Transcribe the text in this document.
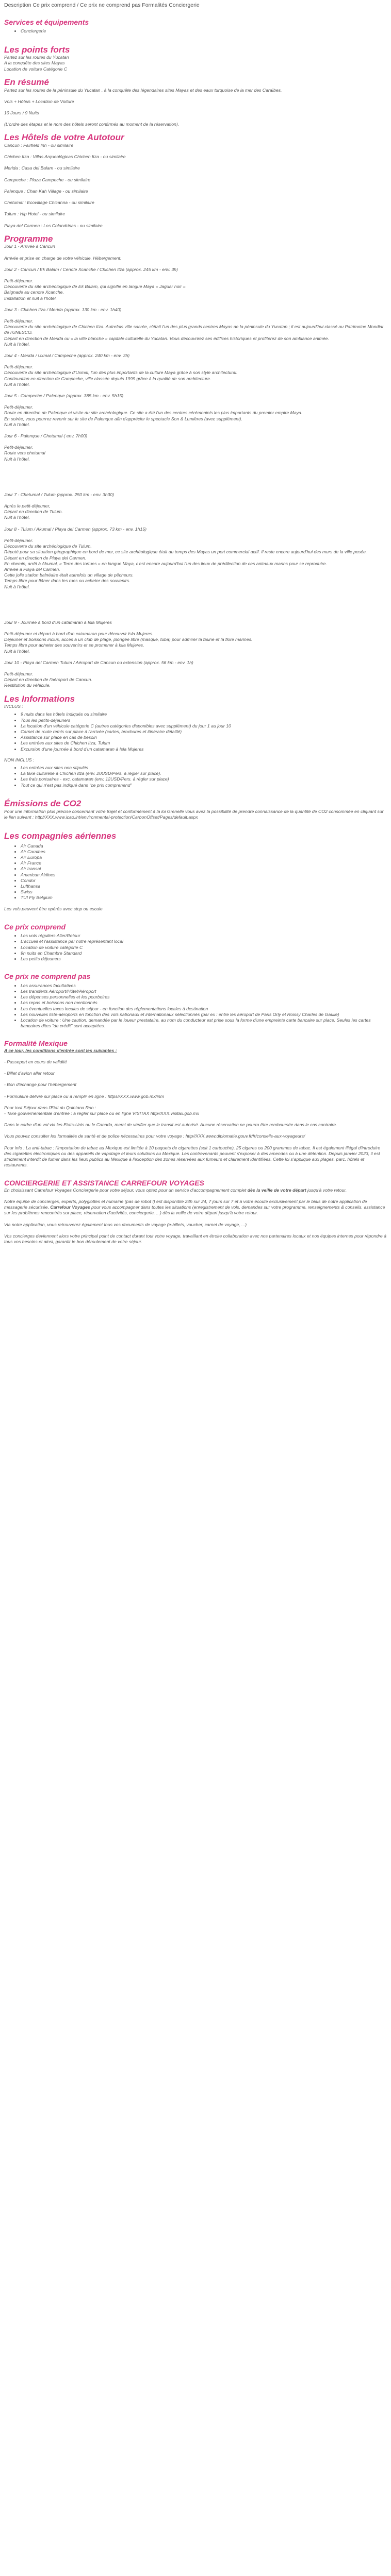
Description Ce prix comprend / Ce prix ne comprend pas Formalités Conciergerie

Services et équipements
• Conciergerie
Les points forts

Partez sur les routes du Yucatan

A la conquête des sites Mayas

Location de voiture Catégorie C

En résumé

Partez sur les routes de la péninsule du Yucatan , à la conquête des légendaires sites Mayas et des eaux turquoise de la mer des Caraïbes.

Vols + Hôtels + Location de Voiture

10 Jours / 9 Nuits

(L'ordre des étapes et le nom des hôtels seront confirmés au moment de la réservation).

Les Hôtels de votre Autotour

Cancun : Fairfield Inn - ou similaire

Chichen Itza : Villas Arqueológicas Chichen Itza - ou similaire

Merida : Casa del Balam - ou similaire

Campeche : Plaza Campeche - ou similaire

Palenque : Chan Kah Village - ou similaire

Chetumal : Ecovillage Chicanna - ou similaire

Tulum : Hip Hotel - ou similaire

Playa del Carmen : Los Colondrinas - ou similaire

Programme

Jour 1 - Arrivée à Cancun

Arrivée et prise en charge de votre véhicule. Hébergement.

Jour 2 - Cancun / Ek Balam / Cenote Xcanche / Chichen Itza (approx. 245 km - env. 3h)

Petit-déjeuner.

Découverte du site archéologique de Ek Balam, qui signifie en langue Maya « Jaguar noir ».

Baignade au cenote Xcanche.

Installation et nuit à l'hôtel.

Jour 3 - Chichen Itza / Merida (approx. 130 km - env. 1h40)

Petit-déjeuner.

Découverte du site archéologique de Chichen Itza. Autrefois ville sacrée, c'était l'un des plus grands centres Mayas de la péninsule du Yucatan ; il est aujourd'hui classé au Patrimoine Mondial de l'UNESCO.

Départ en direction de Merida ou « la ville blanche » capitale culturelle du Yucatan. Vous découvrirez ses édifices historiques et profiterez de son ambiance animée.

Nuit à l'hôtel.

Jour 4 - Merida / Uxmal / Campeche (approx. 240 km - env. 3h)

Petit-déjeuner.

Découverte du site archéologique d'Uxmal, l'un des plus importants de la culture Maya grâce à son style architectural.

Continuation en direction de Campeche, ville classée depuis 1999 grâce à la qualité de son architecture.

Nuit à l'hôtel.

Jour 5 - Campeche / Palenque (approx. 385 km - env. 5h15)

Petit-déjeuner.

Route en direction de Palenque et visite du site archéologique. Ce site a été l'un des centres cérémoniels les plus importants du premier empire Maya.

En soirée, vous pourrez revenir sur le site de Palenque afin d'apprécier le spectacle Son & Lumières (avec supplément).

Nuit à l'hôtel.

Jour 6 - Palenque / Chetumal ( env. 7h00)

Petit-déjeuner.

Route vers chetumal

Nuit à l'hôtel.

Jour 7 - Chetumal / Tulum (approx. 250 km - env. 3h30)

Après le petit-déjeuner,

Départ en direction de Tulum.

Nuit à l'hôtel.

Jour 8 - Tulum / Akumal / Playa del Carmen (approx. 73 km - env. 1h15)

Petit-déjeuner.

Découverte du site archéologique de Tulum.

Réputé pour sa situation géographique en bord de mer, ce site archéologique était au temps des Mayas un port commercial actif. Il reste encore aujourd'hui des murs de la ville posée.

Départ en direction de Playa del Carmen.

En chemin, arrêt à Akumal, « Terre des tortues » en langue Maya, c'est encore aujourd'hui l'un des lieux de prédilection de ces animaux marins pour se reproduire.

Arrivée à Playa del Carmen.

Cette jolie station balnéaire était autrefois un village de pêcheurs.

Temps libre pour flâner dans les rues ou acheter des souvenirs.

Nuit à l'hôtel.

Jour 9 - Journée à bord d'un catamaran à Isla Mujeres

Petit-déjeuner et départ à bord d'un catamaran pour découvrir Isla Mujeres.

Déjeuner et boissons inclus, accès à un club de plage, plongée libre (masque, tuba) pour admirer la faune et la flore marines.

Temps libre pour acheter des souvenirs et se promener à Isla Mujeres.

Nuit à l'hôtel.

Jour 10 - Playa del Carmen Tulum / Aéroport de Cancun ou extension (approx. 56 km - env. 1h)

Petit-déjeuner.

Départ en direction de l'aéroport de Cancun.

Restitution du véhicule.

Les Informations

INCLUS :

• 9 nuits dans les hôtels indiqués ou similaire
• Tous les petits-déjeuners
• La location d'un véhicule catégorie C (autres catégories disponibles avec supplément) du jour 1 au jour 10
• Carnet de route remis sur place à l'arrivée (cartes, brochures et itinéraire détaillé)
• Assistance sur place en cas de besoin
• Les entrées aux sites de Chichen Itza, Tulum
• Excursion d'une journée à bord d'un catamaran à Isla Mujeres

NON INCLUS :

• Les entrées aux sites non stipulés
• La taxe culturelle à Chichen Itza (env. 20USD/Pers. à régler sur place).
• Les frais portuaires - exc. catamaran (env. 12USD/Pers. à régler sur place)
• Tout ce qui n'est pas indiqué dans "ce prix comprenend"
Émissions de CO2

Pour une information plus précise concernant votre trajet et conformément à la loi Grenelle vous avez la possibilité de prendre connaissance de la quantité de CO2 consommée en cliquant sur le lien suivant : http//XXX.www.icao.int/environmental-protection/CarbonOffset/Pages/default.aspx

Les compagnies aériennes
• Air Canada
• Air Caraibes
• Air Europa
• Air France
• Air transat
• American Airlines
• Condor
• Lufthansa
• Swiss
• TUI Fly Belgium

Les vols peuvent être opérés avec stop ou escale

Ce prix comprend
• Les vols réguliers Aller/Retour
• L'accueil et l'assistance par notre représentant local
• Location de voiture catégorie C
• 9n nuits en Chambre Standard
• Les petits déjeuners
Ce prix ne comprend pas
• Les assurances facultatives
• Les transferts Aéroport/Hôtel/Aéroport
• Les dépenses personnelles et les pourboires
• Les repas et boissons non mentionnés
• Les éventuelles taxes locales de séjour - en fonction des réglementations locales à destination
• Les nouvelles liste-aéroports en fonction des vols nationaux et internationaux sélectionnés (par ex : entre les aéroport de Paris Orly et Roissy Charles de Gaulle)
• Location de voiture : Une caution, demandée par le loueur prestataire, au nom du conducteur est prise sous la forme d'une empreinte carte bancaire sur place. Seules les cartes bancaires dites "de crédit" sont acceptées.
Formalité Mexique

A ce jour, les conditions d'entrée sont les suivantes :

- Passeport en cours de validité

- Billet d'avion aller retour

- Bon d'échange pour l'hébergement

- Formulaire délivré sur place ou à remplir en ligne : https//XXX.www.gob.mx/inm

Pour tout Séjour dans l'Etat du Quintana Roo :

- Taxe gouvernementale d'entrée : à régler sur place ou en ligne VISITAX http//XXX.visitax.gob.mx

Dans le cadre d'un vol via les Etats-Unis ou le Canada, merci de vérifier que le transit est autorisé. Aucune réservation ne pourra être remboursée dans le cas contraire.

Vous pouvez consulter les formalités de santé et de police nécessaires pour votre voyage : http//XXX.www.diplomatie.gouv.fr/fr/conseils-aux-voyageurs/

Pour info : La anti-tabac : l'importation de tabac au Mexique est limitée à 10 paquets de cigarettes (soit 1 cartouche), 25 cigares ou 200 grammes de tabac. Il est également illégal d'introduire des cigarettes électroniques ou des appareils de vapotage et leurs solutions au Mexique. Les contrevenants peuvent s'exposer à des amendes ou à une détention. Depuis janvier 2023, il est strictement interdit de fumer dans les lieux publics au Mexique à l'exception des zones réservées aux fumeurs et clairement identifiées. Cette loi s'applique aux plages, parc, hôtels et restaurants.

CONCIERGERIE ET ASSISTANCE CARREFOUR VOYAGES

En choisissant Carrefour Voyages Conciergerie pour votre séjour, vous optez pour un service d'accompagnement complet dès la veille de votre départ jusqu'à votre retour.

Notre équipe de concierges, experts, polyglottes et humaine (pas de robot !) est disponible 24h sur 24, 7 jours sur 7 et à votre écoute exclusivement par le biais de notre application de messagerie sécurisée, Carrefour Voyages pour vous accompagner dans toutes les situations (enregistrement de vols, demandes sur votre programme, renseignements & conseils, assistance sur les problèmes rencontrés sur place, réservation d'activités, conciergerie, ...) dès la veille de votre départ jusqu'à votre retour.

Via notre application, vous retrouverez également tous vos documents de voyage (e-billets, voucher, carnet de voyage, ...)

Vos concierges deviennent alors votre principal point de contact durant tout votre voyage, travaillant en étroite collaboration avec nos partenaires locaux et nos équipes internes pour répondre à tous vos besoins et ainsi, garantir le bon déroulement de votre séjour.
